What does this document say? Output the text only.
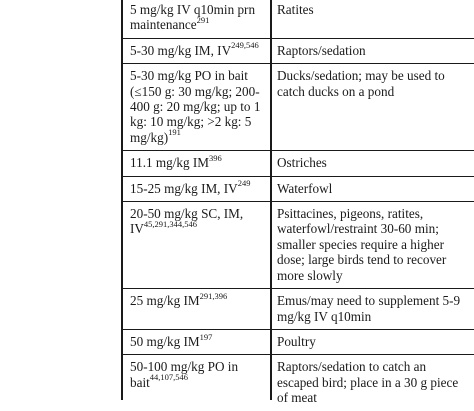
5 mg/kg IV q10min prn maintenance$^{291}$	Ratites
5-30 mg/kg IM, IV$^{249,546}$	Raptors/sedation
5-30 mg/kg PO in bait (≤150 g: 30 mg/kg; 200-400 g: 20 mg/kg; up to 1 kg: 10 mg/kg; >2 kg: 5 mg/kg)$^{191}$	Ducks/sedation; may be used to catch ducks on a pond
11.1 mg/kg IM$^{396}$	Ostriches
15-25 mg/kg IM, IV$^{249}$	Waterfowl
20-50 mg/kg SC, IM, IV$^{45,291,344,546}$	Psittacines, pigeons, ratites, waterfowl/restraint 30-60 min; smaller species require a higher dose; large birds tend to recover more slowly
25 mg/kg IM$^{291,396}$	Emus/may need to supplement 5-9 mg/kg IV q10min
50 mg/kg IM$^{197}$	Poultry
50-100 mg/kg PO in bait$^{44,107,546}$	Raptors/sedation to catch an escaped bird; place in a 30 g piece of meat
